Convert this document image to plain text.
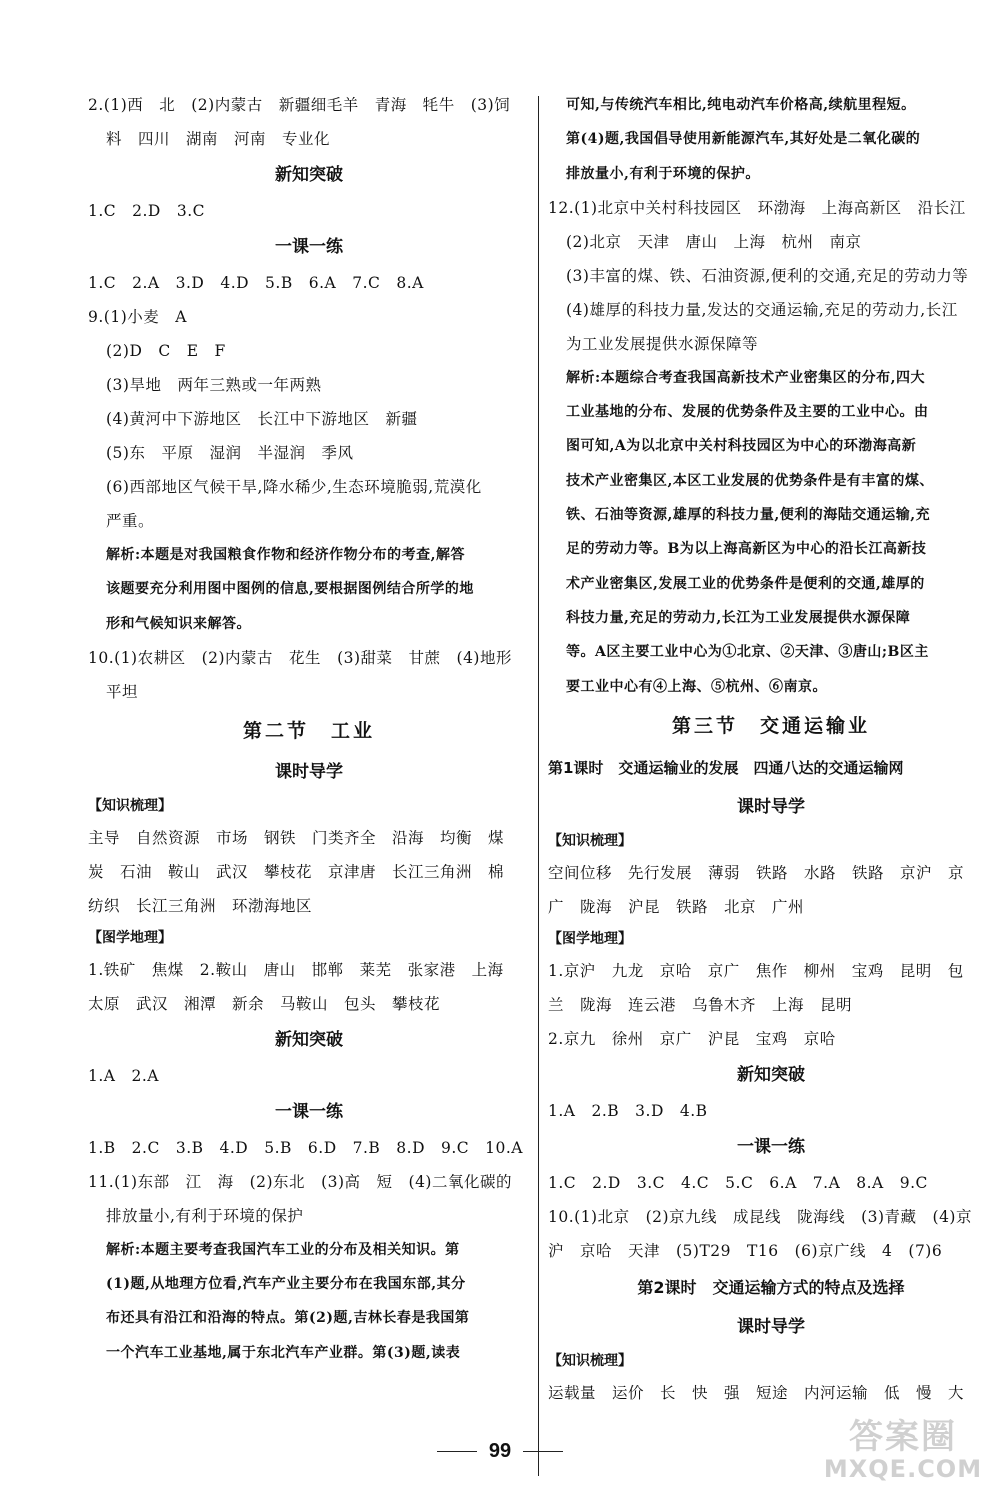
2.(1)西　北　(2)内蒙古　新疆细毛羊　青海　牦牛　(3)饲
料　四川　湖南　河南　专业化
新知突破
1.C　2.D　3.C
一课一练
1.C　2.A　3.D　4.D　5.B　6.A　7.C　8.A
9.(1)小麦　A
(2)D　C　E　F
(3)旱地　两年三熟或一年两熟
(4)黄河中下游地区　长江中下游地区　新疆
(5)东　平原　湿润　半湿润　季风
(6)西部地区气候干旱,降水稀少,生态环境脆弱,荒漠化
严重。
解析:本题是对我国粮食作物和经济作物分布的考查,解答
该题要充分利用图中图例的信息,要根据图例结合所学的地
形和气候知识来解答。
10.(1)农耕区　(2)内蒙古　花生　(3)甜菜　甘蔗　(4)地形
平坦
第二节　工业
课时导学
【知识梳理】
主导　自然资源　市场　钢铁　门类齐全　沿海　均衡　煤
炭　石油　鞍山　武汉　攀枝花　京津唐　长江三角洲　棉
纺织　长江三角洲　环渤海地区
【图学地理】
1.铁矿　焦煤　2.鞍山　唐山　邯郸　莱芜　张家港　上海
太原　武汉　湘潭　新余　马鞍山　包头　攀枝花
新知突破
1.A　2.A
一课一练
1.B　2.C　3.B　4.D　5.B　6.D　7.B　8.D　9.C　10.A
11.(1)东部　江　海　(2)东北　(3)高　短　(4)二氧化碳的
排放量小,有利于环境的保护
解析:本题主要考查我国汽车工业的分布及相关知识。第
(1)题,从地理方位看,汽车产业主要分布在我国东部,其分
布还具有沿江和沿海的特点。第(2)题,吉林长春是我国第
一个汽车工业基地,属于东北汽车产业群。第(3)题,读表
可知,与传统汽车相比,纯电动汽车价格高,续航里程短。
第(4)题,我国倡导使用新能源汽车,其好处是二氧化碳的
排放量小,有利于环境的保护。
12.(1)北京中关村科技园区　环渤海　上海高新区　沿长江
(2)北京　天津　唐山　上海　杭州　南京
(3)丰富的煤、铁、石油资源,便利的交通,充足的劳动力等
(4)雄厚的科技力量,发达的交通运输,充足的劳动力,长江
为工业发展提供水源保障等
解析:本题综合考查我国高新技术产业密集区的分布,四大
工业基地的分布、发展的优势条件及主要的工业中心。由
图可知,A为以北京中关村科技园区为中心的环渤海高新
技术产业密集区,本区工业发展的优势条件是有丰富的煤、
铁、石油等资源,雄厚的科技力量,便利的海陆交通运输,充
足的劳动力等。B为以上海高新区为中心的沿长江高新技
术产业密集区,发展工业的优势条件是便利的交通,雄厚的
科技力量,充足的劳动力,长江为工业发展提供水源保障
等。A区主要工业中心为①北京、②天津、③唐山;B区主
要工业中心有④上海、⑤杭州、⑥南京。
第三节　交通运输业
第1课时　交通运输业的发展　四通八达的交通运输网
课时导学
【知识梳理】
空间位移　先行发展　薄弱　铁路　水路　铁路　京沪　京
广　陇海　沪昆　铁路　北京　广州
【图学地理】
1.京沪　九龙　京哈　京广　焦作　柳州　宝鸡　昆明　包
兰　陇海　连云港　乌鲁木齐　上海　昆明
2.京九　徐州　京广　沪昆　宝鸡　京哈
新知突破
1.A　2.B　3.D　4.B
一课一练
1.C　2.D　3.C　4.C　5.C　6.A　7.A　8.A　9.C
10.(1)北京　(2)京九线　成昆线　陇海线　(3)青藏　(4)京
沪　京哈　天津　(5)T29　T16　(6)京广线　4　(7)6
第2课时　交通运输方式的特点及选择
课时导学
【知识梳理】
运载量　运价　长　快　强　短途　内河运输　低　慢　大
99	答案圈
MXQE.COM
